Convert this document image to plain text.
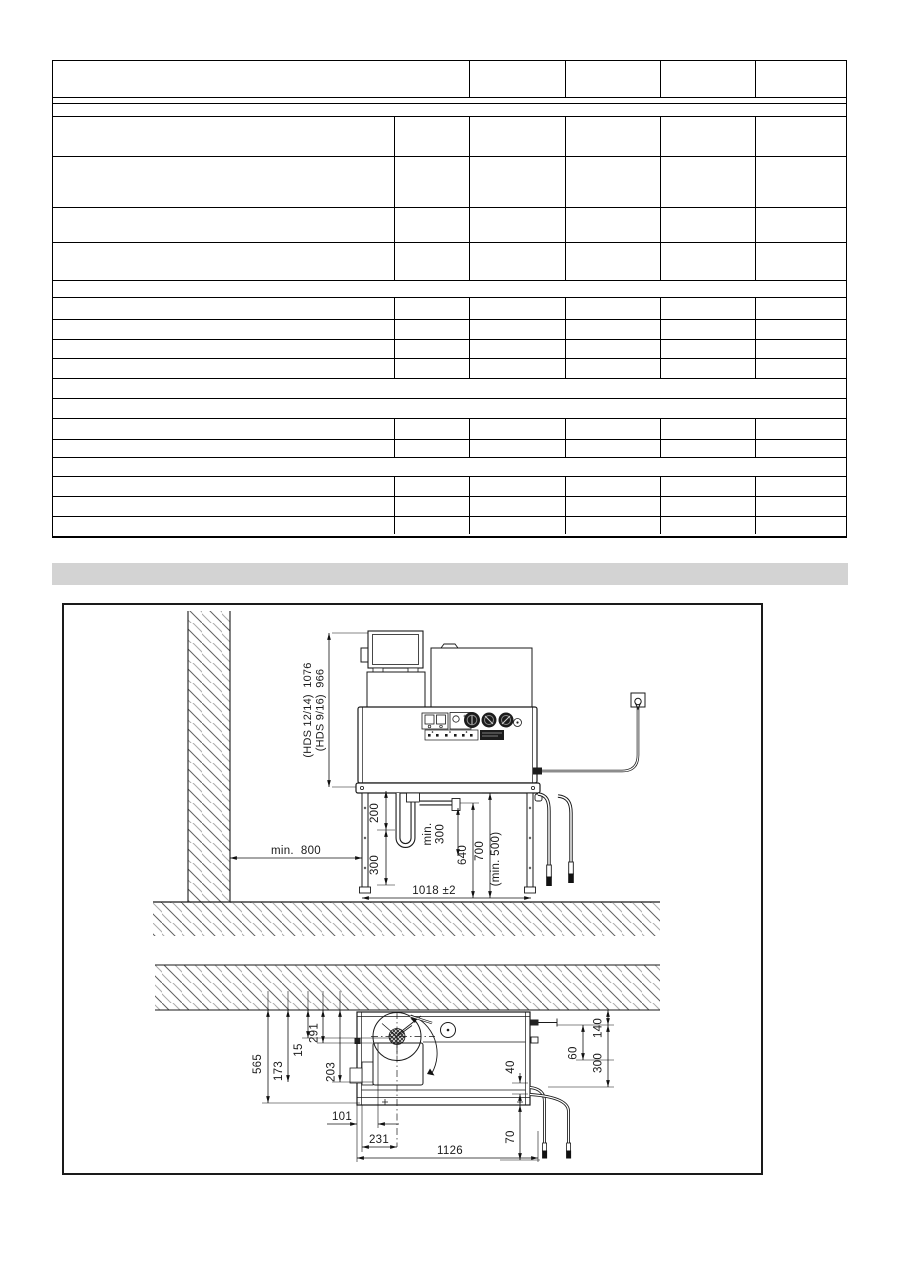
(HDS 12/14)  1076 (HDS 9/16)  966
min.  800
200
300
min. 300
640 700 (min. 500)
1018 ±2
565 173
15
291
203
101
231
1126
40
70
60
140
300
